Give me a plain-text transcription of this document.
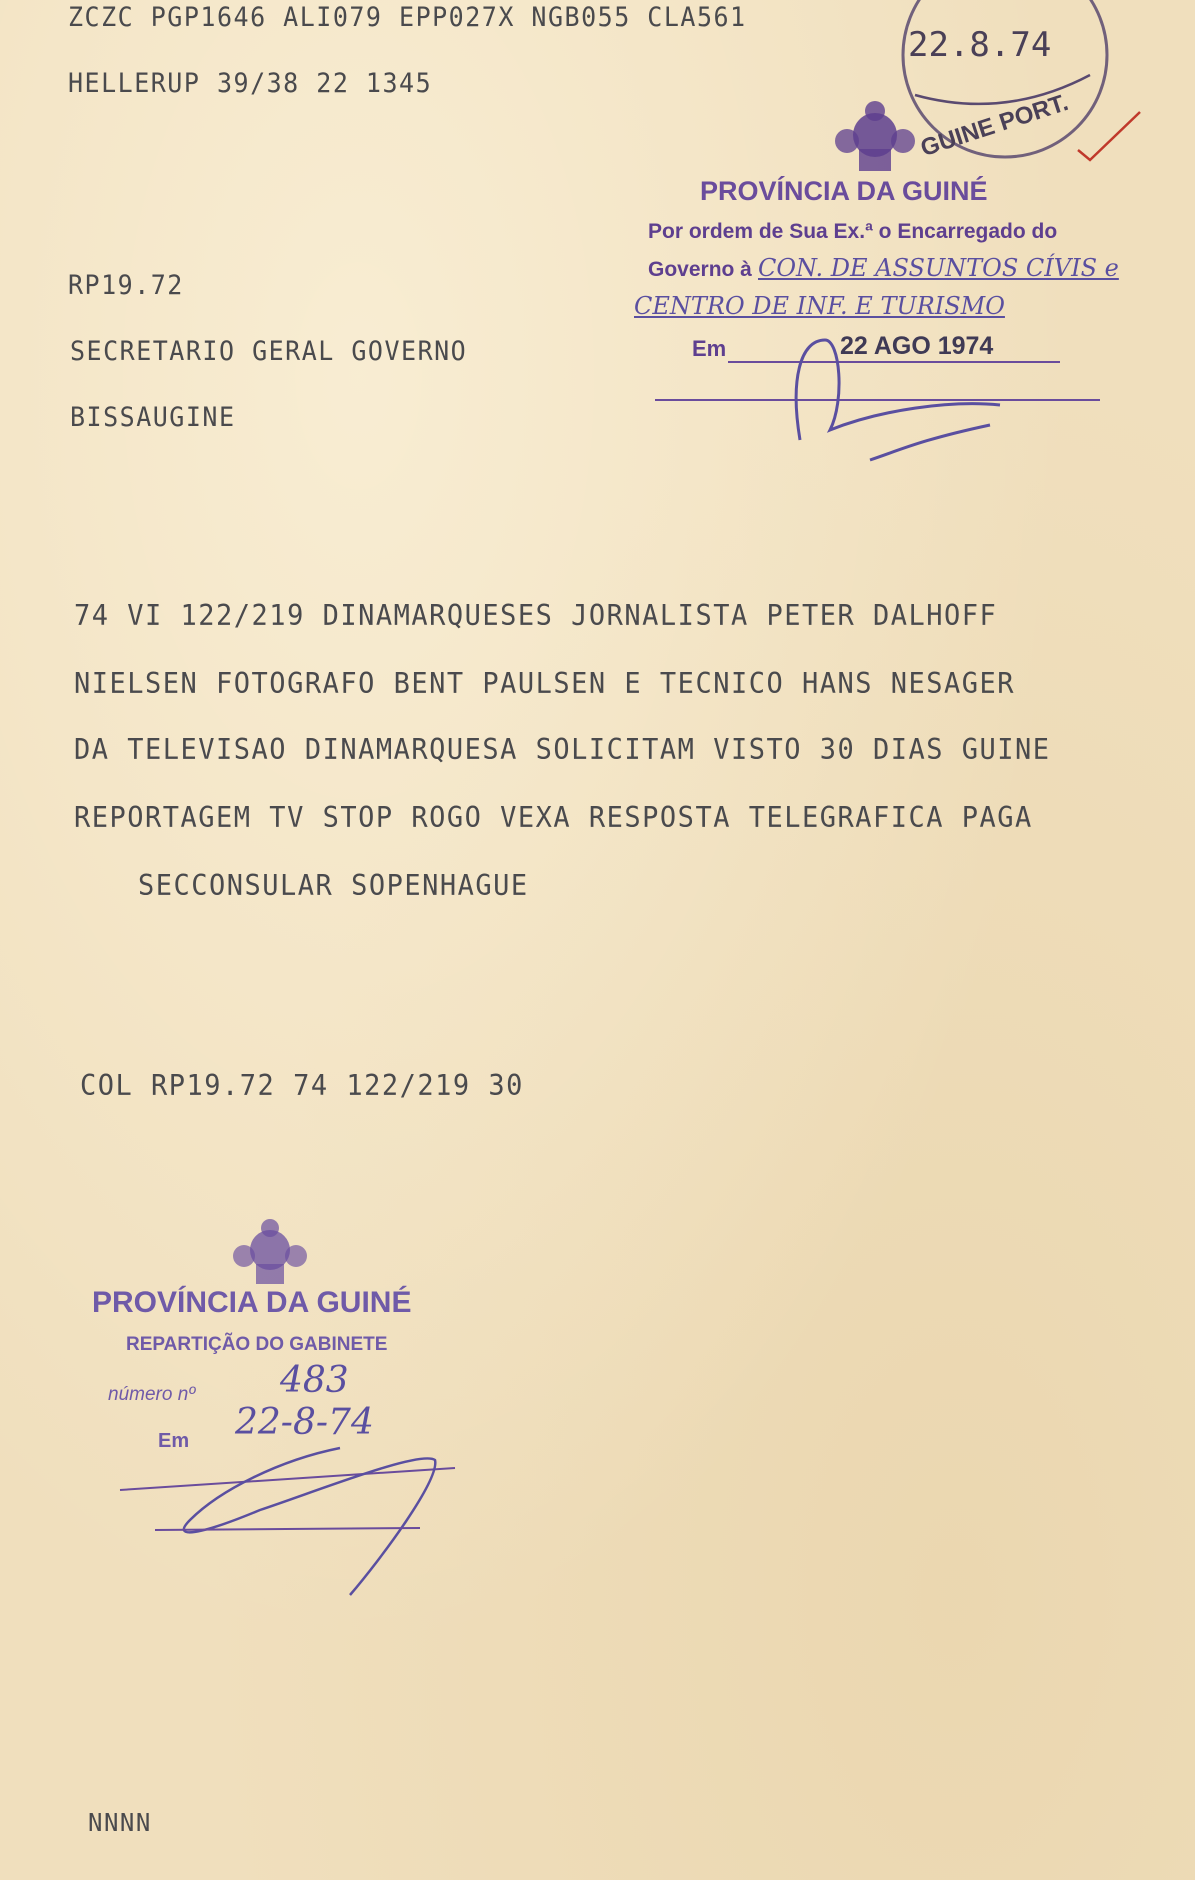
ZCZC PGP1646 ALI079 EPP027X NGB055 CLA561
HELLERUP 39/38 22 1345
RP19.72
SECRETARIO GERAL GOVERNO
BISSAUGINE
74 VI 122/219 DINAMARQUESES JORNALISTA PETER DALHOFF
NIELSEN FOTOGRAFO BENT PAULSEN E TECNICO HANS NESAGER
DA TELEVISAO DINAMARQUESA SOLICITAM VISTO 30 DIAS GUINE
REPORTAGEM TV STOP ROGO VEXA RESPOSTA TELEGRAFICA PAGA
SECCONSULAR SOPENHAGUE
COL RP19.72 74 122/219 30
NNNN
22.8.74
GUINE PORT.
PROVÍNCIA DA GUINÉ
Por ordem de Sua Ex.ª o Encarregado do
Governo à CON. DE ASSUNTOS CÍVIS e
CENTRO DE INF. E TURISMO
Em	22 AGO 1974
PROVÍNCIA DA GUINÉ
REPARTIÇÃO DO GABINETE
número nº 483
Em 22-8-74
